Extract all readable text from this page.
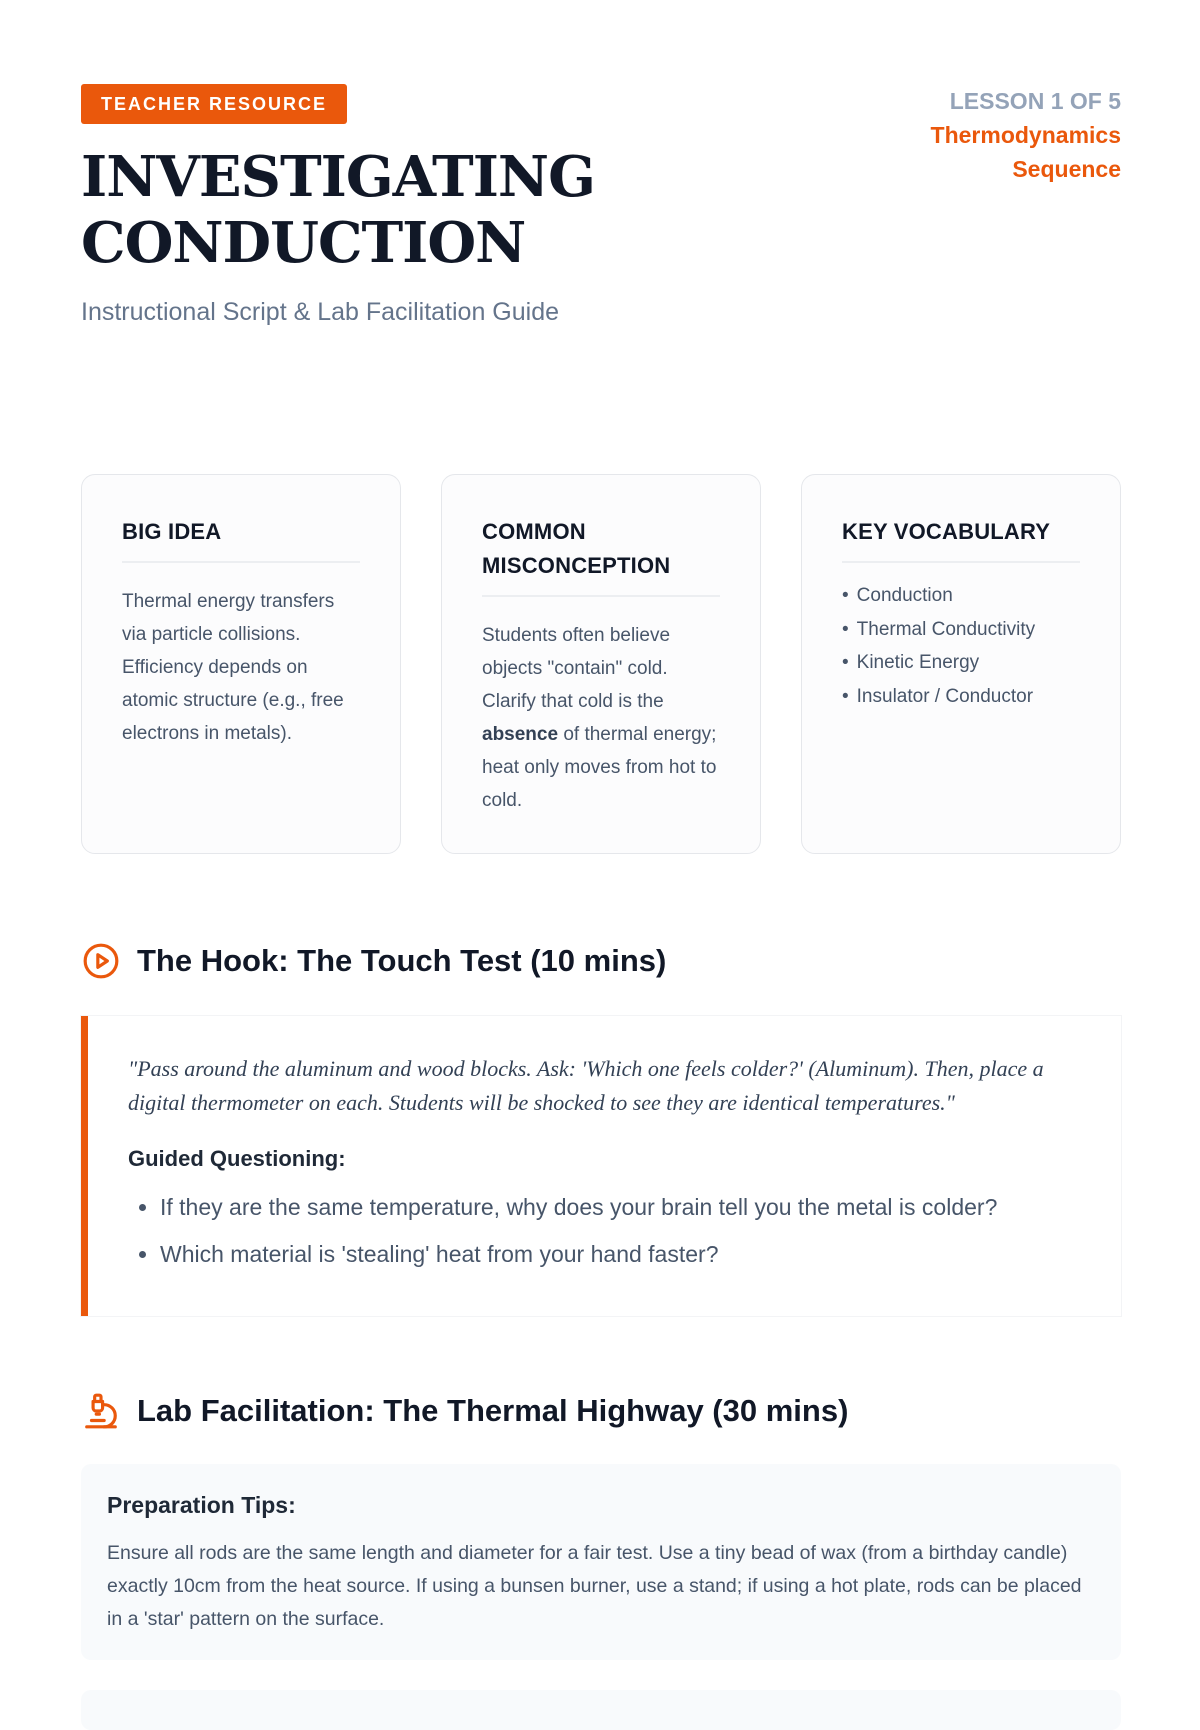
TEACHER RESOURCE
INVESTIGATING
CONDUCTION
Instructional Script & Lab Facilitation Guide
LESSON 1 OF 5
Thermodynamics
Sequence
BIG IDEA

Thermal energy transfers via particle collisions. Efficiency depends on atomic structure (e.g., free electrons in metals).

COMMON MISCONCEPTION

Students often believe objects "contain" cold. Clarify that cold is the absence of thermal energy; heat only moves from hot to cold.

KEY VOCABULARY
• Conduction
• Thermal Conductivity
• Kinetic Energy
• Insulator / Conductor
The Hook: The Touch Test (10 mins)

"Pass around the aluminum and wood blocks. Ask: 'Which one feels colder?' (Aluminum). Then, place a digital thermometer on each. Students will be shocked to see they are identical temperatures."

Guided Questioning:
• If they are the same temperature, why does your brain tell you the metal is colder?
• Which material is 'stealing' heat from your hand faster?
Lab Facilitation: The Thermal Highway (30 mins)
Preparation Tips:

Ensure all rods are the same length and diameter for a fair test. Use a tiny bead of wax (from a birthday candle) exactly 10cm from the heat source. If using a bunsen burner, use a stand; if using a hot plate, rods can be placed in a 'star' pattern on the surface.
